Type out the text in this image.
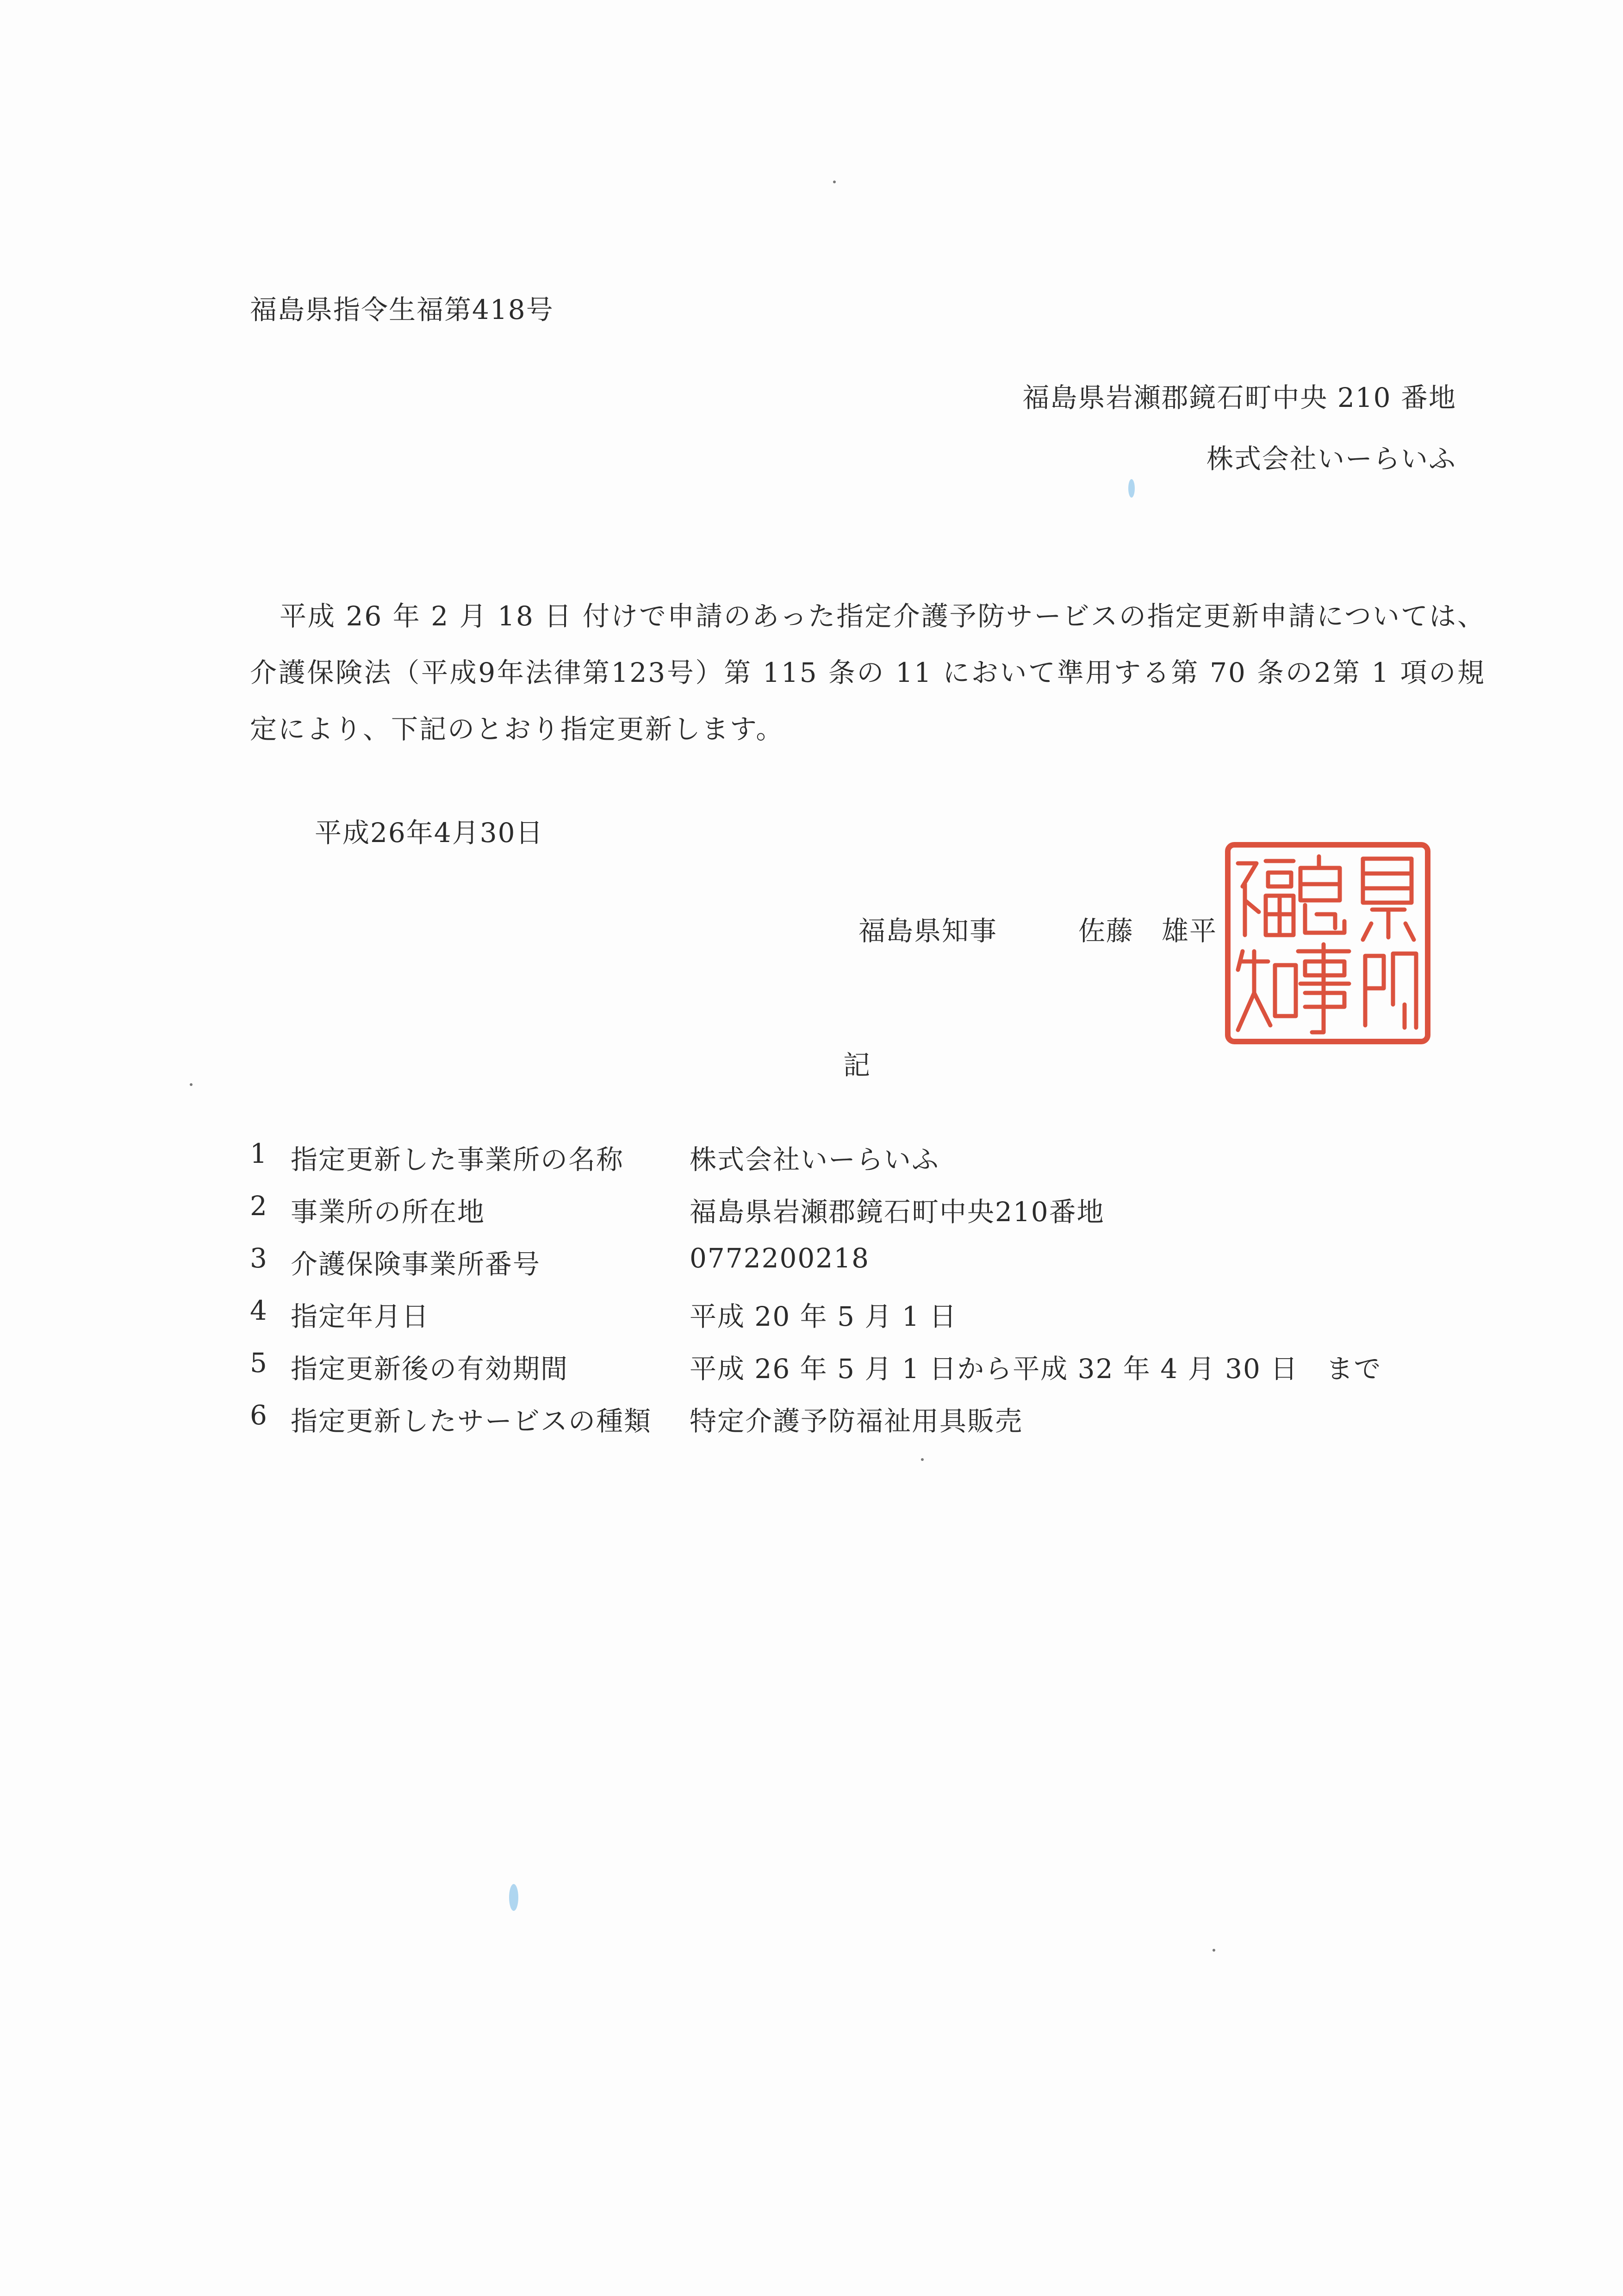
福島県指令生福第418号
福島県岩瀬郡鏡石町中央 210 番地
株式会社いーらいふ
平成 26 年 2 月 18 日 付けで申請のあった指定介護予防サービスの指定更新申請については、介護保険法（平成9年法律第123号）第 115 条の 11 において準用する第 70 条の2第 1 項の規定により、下記のとおり指定更新します。
平成26年4月30日
福島県知事	佐藤　雄平
記
1 指定更新した事業所の名称 株式会社いーらいふ
2 事業所の所在地	福島県岩瀬郡鏡石町中央210番地
3 介護保険事業所番号	0772200218
4 指定年月日	平成 20 年 5 月 1 日
5 指定更新後の有効期間	平成 26 年 5 月 1 日から平成 32 年 4 月 30 日　まで
6 指定更新したサービスの種類 特定介護予防福祉用具販売
